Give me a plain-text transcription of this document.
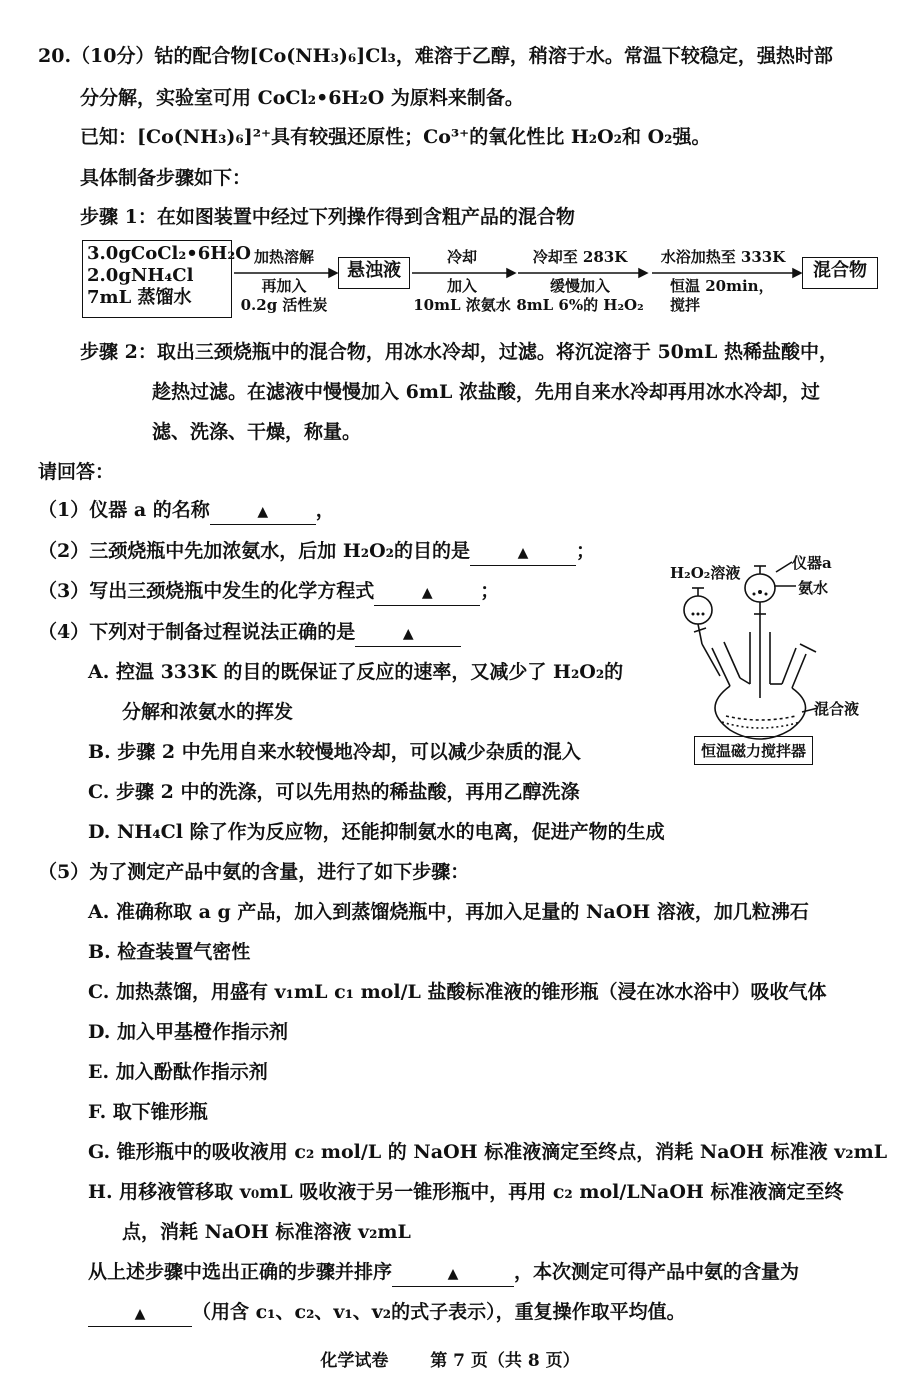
20.（10分）钴的配合物[Co(NH₃)₆]Cl₃，难溶于乙醇，稍溶于水。常温下较稳定，强热时部
分分解，实验室可用 CoCl₂•6H₂O 为原料来制备。
已知：[Co(NH₃)₆]²⁺具有较强还原性；Co³⁺的氧化性比 H₂O₂和 O₂强。
具体制备步骤如下：
步骤 1：在如图装置中经过下列操作得到含粗产品的混合物
3.0gCoCl₂•6H₂O
2.0gNH₄Cl
7mL 蒸馏水
加热溶解
再加入
0.2g 活性炭
悬浊液
冷却
加入
10mL 浓氨水
冷却至 283K
缓慢加入
8mL 6%的 H₂O₂
水浴加热至 333K
恒温 20min，
搅拌
混合物
步骤 2：取出三颈烧瓶中的混合物，用冰水冷却，过滤。将沉淀溶于 50mL 热稀盐酸中，
趁热过滤。在滤液中慢慢加入 6mL 浓盐酸，先用自来水冷却再用冰水冷却，过
滤、洗涤、干燥，称量。
请回答：
（1）仪器 a 的名称	▲	，
（2）三颈烧瓶中先加浓氨水，后加 H₂O₂的目的是	▲	；
（3）写出三颈烧瓶中发生的化学方程式	▲	；
（4）下列对于制备过程说法正确的是	▲
A. 控温 333K 的目的既保证了反应的速率，又减少了 H₂O₂的
分解和浓氨水的挥发
B. 步骤 2 中先用自来水较慢地冷却，可以减少杂质的混入
C. 步骤 2 中的洗涤，可以先用热的稀盐酸，再用乙醇洗涤
D. NH₄Cl 除了作为反应物，还能抑制氨水的电离，促进产物的生成
H₂O₂溶液
仪器a
氨水
混合液
恒温磁力搅拌器
（5）为了测定产品中氨的含量，进行了如下步骤：
A. 准确称取 a g 产品，加入到蒸馏烧瓶中，再加入足量的 NaOH 溶液，加几粒沸石
B. 检查装置气密性
C. 加热蒸馏，用盛有 v₁mL c₁ mol/L 盐酸标准液的锥形瓶（浸在冰水浴中）吸收气体
D. 加入甲基橙作指示剂
E. 加入酚酞作指示剂
F. 取下锥形瓶
G. 锥形瓶中的吸收液用 c₂ mol/L 的 NaOH 标准液滴定至终点，消耗 NaOH 标准液 v₂mL
H. 用移液管移取 v₀mL 吸收液于另一锥形瓶中，再用 c₂ mol/LNaOH 标准液滴定至终
点，消耗 NaOH 标准溶液 v₂mL
从上述步骤中选出正确的步骤并排序	▲	，本次测定可得产品中氨的含量为
▲ （用含 c₁、c₂、v₁、v₂的式子表示），重复操作取平均值。
化学试卷 第 7 页（共 8 页）
